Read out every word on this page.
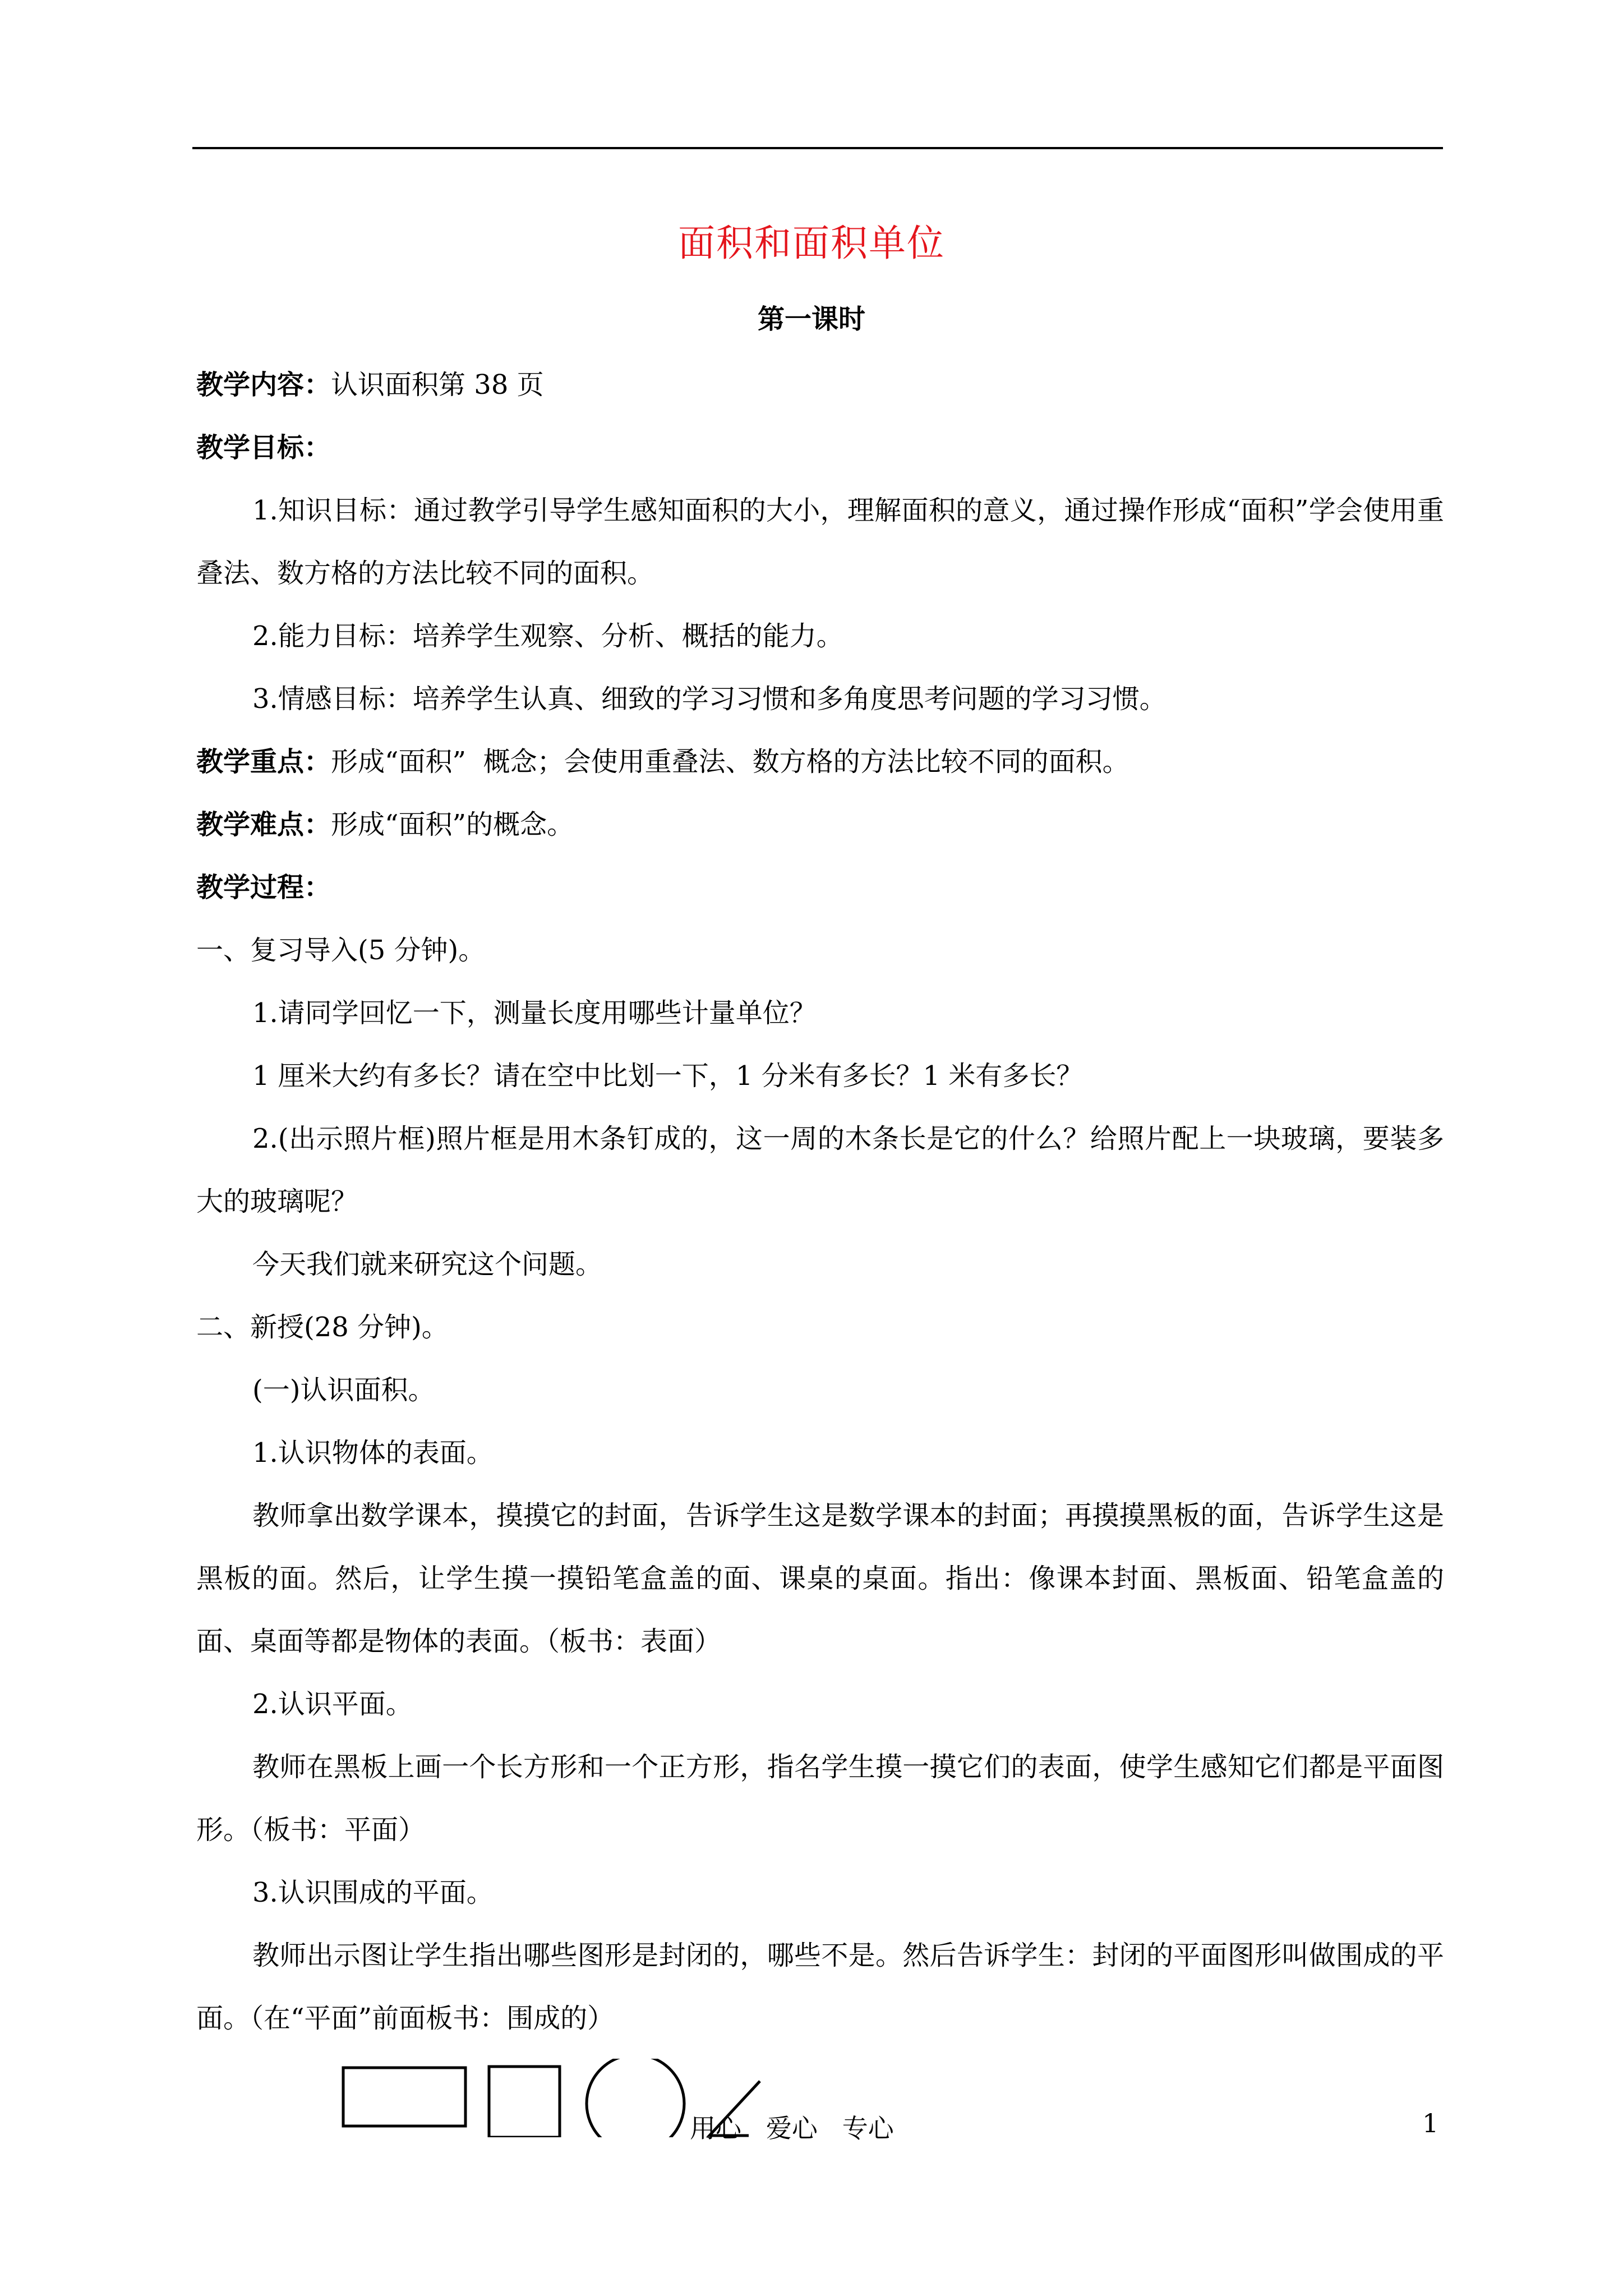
面积和面积单位
第一课时
教学内容：认识面积第 38 页
教学目标：
1.知识目标：通过教学引导学生感知面积的大小，理解面积的意义，通过操作形成“面积”学会使用重叠法、数方格的方法比较不同的面积。
2.能力目标：培养学生观察、分析、概括的能力。
3.情感目标：培养学生认真、细致的学习习惯和多角度思考问题的学习习惯。
教学重点：形成“面积”  概念；会使用重叠法、数方格的方法比较不同的面积。
教学难点：形成“面积”的概念。
教学过程：
一、复习导入(5 分钟)。
1.请同学回忆一下，测量长度用哪些计量单位？
1 厘米大约有多长？请在空中比划一下，1 分米有多长？1 米有多长？
2.(出示照片框)照片框是用木条钉成的，这一周的木条长是它的什么？给照片配上一块玻璃，要装多大的玻璃呢？
今天我们就来研究这个问题。
二、新授(28 分钟)。
(一)认识面积。
1.认识物体的表面。
教师拿出数学课本，摸摸它的封面，告诉学生这是数学课本的封面；再摸摸黑板的面，告诉学生这是黑板的面。然后，让学生摸一摸铅笔盒盖的面、课桌的桌面。指出：像课本封面、黑板面、铅笔盒盖的面、桌面等都是物体的表面。（板书：表面）
2.认识平面。
教师在黑板上画一个长方形和一个正方形，指名学生摸一摸它们的表面，使学生感知它们都是平面图形。（板书：平面）
3.认识围成的平面。
教师出示图让学生指出哪些图形是封闭的，哪些不是。然后告诉学生：封闭的平面图形叫做围成的平面。（在“平面”前面板书：围成的）
用心   爱心   专心	1
